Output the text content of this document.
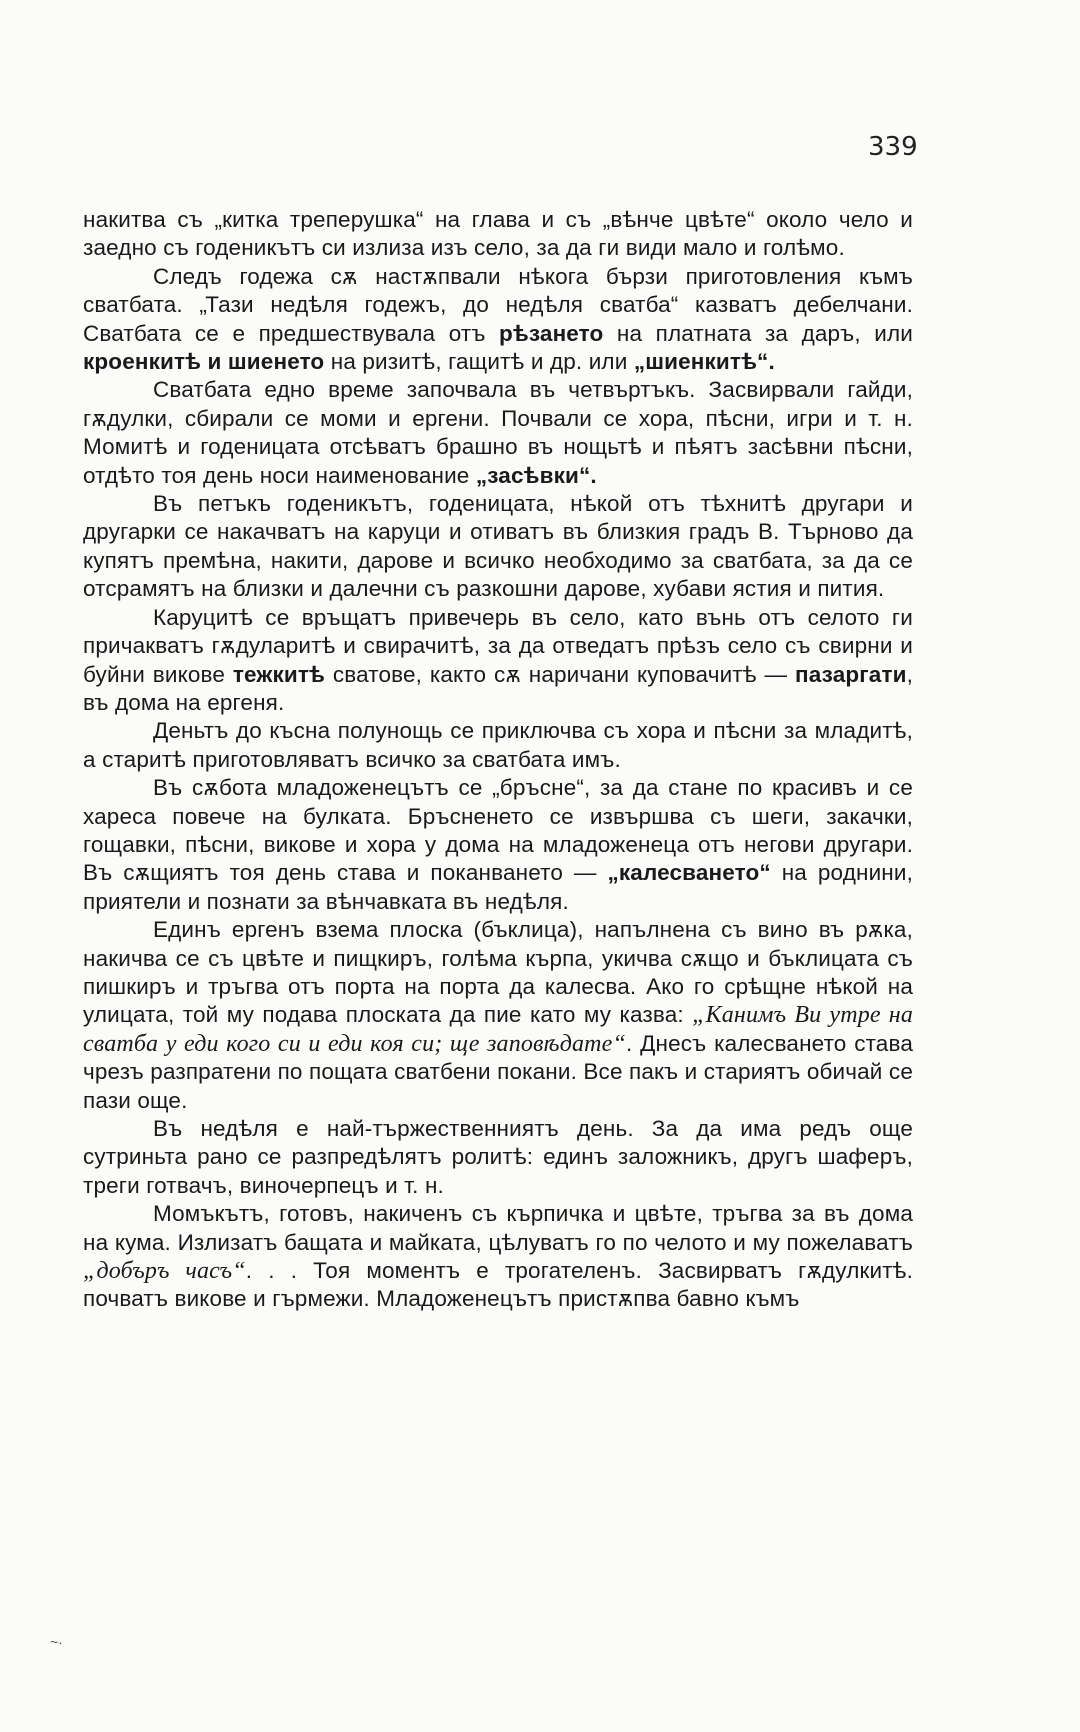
339

накитва съ „китка треперушка“ на глава и съ „вѣнче цвѣте“ около чело и заедно съ годеникътъ си излиза изъ село, за да ги види мало и голѣмо.

Следъ годежа сѫ настѫпвали нѣкога бързи приготовления къмъ сватбата. „Тази недѣля годежъ, до недѣля сватба“ казватъ дебелчани. Сватбата се е предшествувала отъ рѣзането на платната за даръ, или кроенкитѣ и шиенето на ризитѣ, гащитѣ и др. или „шиенкитѣ“.

Сватбата едно време започвала въ четвъртъкъ. Засвирвали гайди, гѫдулки, сбирали се моми и ергени. Почвали се хора, пѣсни, игри и т. н. Момитѣ и годеницата отсѣватъ брашно въ нощьтѣ и пѣятъ засѣвни пѣсни, отдѣто тоя день носи наименование „засѣвки“.

Въ петъкъ годеникътъ, годеницата, нѣкой отъ тѣхнитѣ другари и другарки се накачватъ на каруци и отиватъ въ близкия градъ В. Търново да купятъ премѣна, накити, дарове и всичко необходимо за сватбата, за да се отсрамятъ на близки и далечни съ разкошни дарове, хубави ястия и пития.

Каруцитѣ се връщатъ привечерь въ село, като вънь отъ селото ги причакватъ гѫдуларитѣ и свирачитѣ, за да отведатъ прѣзъ село съ свирни и буйни викове тежкитѣ сватове, както сѫ наричани куповачитѣ — пазаргати, въ дома на ергеня.

Деньтъ до късна полунощь се приключва съ хора и пѣсни за младитѣ, а старитѣ приготовляватъ всичко за сватбата имъ.

Въ сѫбота младоженецътъ се „бръсне“, за да стане по красивъ и се хареса повече на булката. Бръсненето се извършва съ шеги, закачки, гощавки, пѣсни, викове и хора у дома на младоженеца отъ негови другари. Въ сѫщиятъ тоя день става и поканването — „калесването“ на роднини, приятели и познати за вѣнчавката въ недѣля.

Единъ ергенъ взема плоска (бъклица), напълнена съ вино въ рѫка, накичва се съ цвѣте и пищкиръ, голѣма кърпа, укичва сѫщо и бъклицата съ пишкиръ и тръгва отъ порта на порта да калесва. Ако го срѣщне нѣкой на улицата, той му подава плоската да пие като му казва: „Канимъ Ви утре на сватба у еди кого си и еди коя си; ще заповѣдате“. Днесъ калесването става чрезъ разпратени по пощата сватбени покани. Все пакъ и стариятъ обичай се пази още.

Въ недѣля е най-тържественниятъ день. За да има редъ още сутриньта рано се разпредѣлятъ ролитѣ: единъ заложникъ, другъ шаферъ, треги готвачъ, виночерпецъ и т. н.

Момъкътъ, готовъ, накиченъ съ кърпичка и цвѣте, тръгва за въ дома на кума. Излизатъ бащата и майката, цѣлуватъ го по челото и му пожелаватъ „добъръ часъ“. . . Тоя моментъ е трогателенъ. Засвирватъ гѫдулкитѣ. почватъ викове и гърмежи. Младоженецътъ пристѫпва бавно къмъ

~·
